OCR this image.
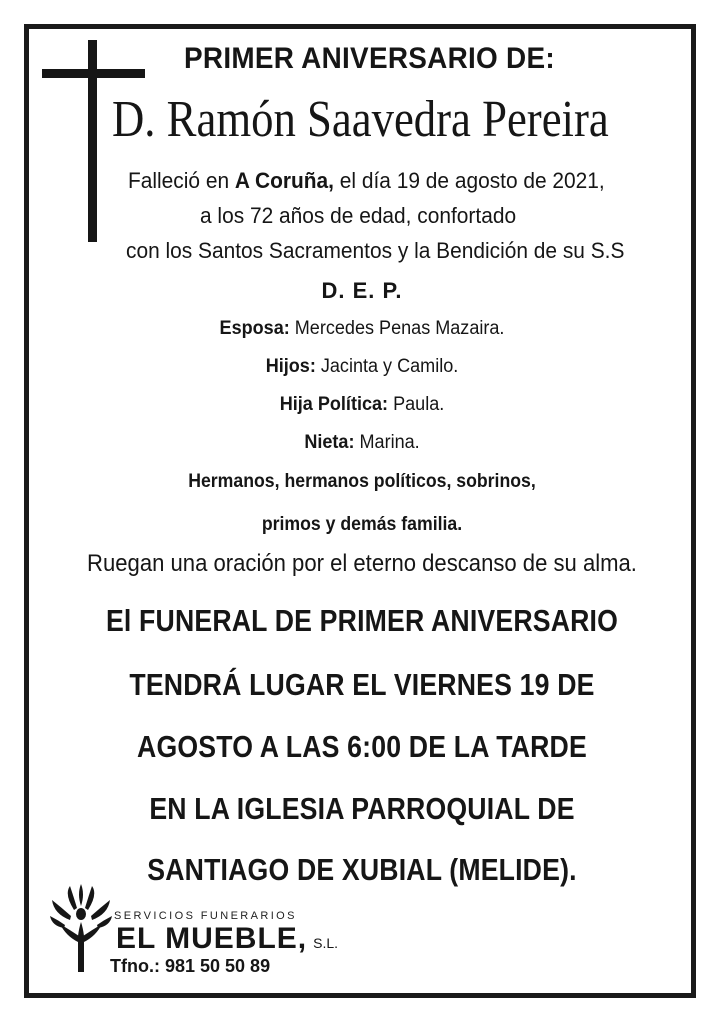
PRIMER ANIVERSARIO DE:
D. Ramón Saavedra Pereira
Falleció en A Coruña, el día 19 de agosto de 2021,
a los 72 años de edad, confortado
con los Santos Sacramentos y la Bendición de su S.S
D. E. P.
Esposa: Mercedes Penas Mazaira.
Hijos: Jacinta y Camilo.
Hija Política: Paula.
Nieta: Marina.
Hermanos, hermanos políticos, sobrinos,
primos y demás familia.
Ruegan una oración por el eterno descanso de su alma.
El FUNERAL DE PRIMER ANIVERSARIO
TENDRÁ LUGAR EL VIERNES 19 DE
AGOSTO A LAS 6:00 DE LA TARDE
EN LA IGLESIA PARROQUIAL DE
SANTIAGO DE XUBIAL (MELIDE).
SERVICIOS FUNERARIOS
EL MUEBLE, S.L.
Tfno.: 981 50 50 89
